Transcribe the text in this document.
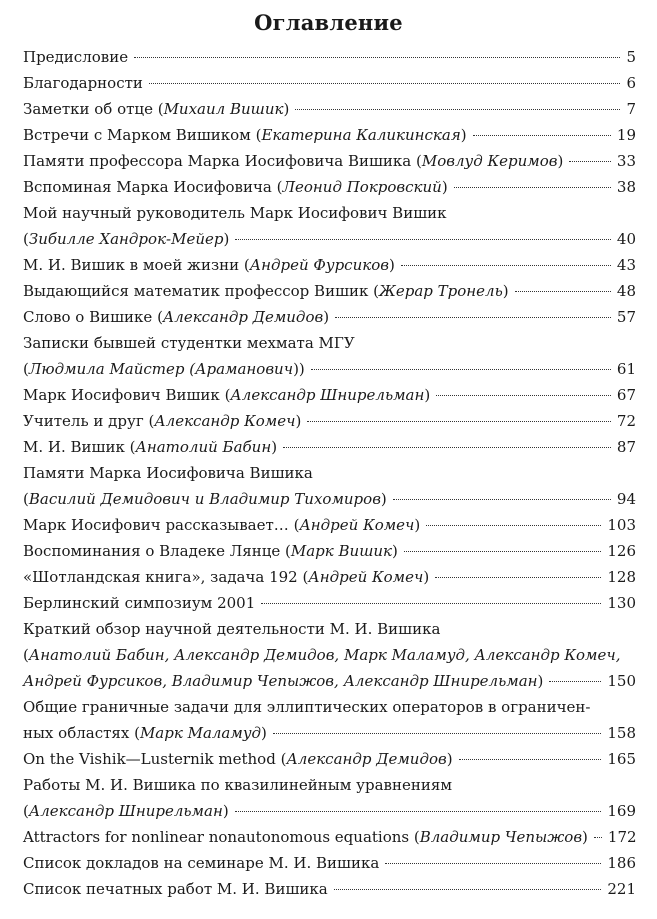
Оглавление
Предисловие	5
Благодарности	6
Заметки об отце (Михаил Вишик)	7
Встречи с Марком Вишиком (Екатерина Каликинская)	19
Памяти профессора Марка Иосифовича Вишика (Мовлуд Керимов)	33
Вспоминая Марка Иосифовича (Леонид Покровский)	38
Мой научный руководитель Марк Иосифович Вишик
(Зибилле Хандрок-Мейер)	40
М. И. Вишик в моей жизни (Андрей Фурсиков)	43
Выдающийся математик профессор Вишик (Жерар Тронель)	48
Слово о Вишике (Александр Демидов)	57
Записки бывшей студентки мехмата МГУ
(Людмила Майстер (Араманович))	61
Марк Иосифович Вишик (Александр Шнирельман)	67
Учитель и друг (Александр Комеч)	72
М. И. Вишик (Анатолий Бабин)	87
Памяти Марка Иосифовича Вишика
(Василий Демидович и Владимир Тихомиров)	94
Марк Иосифович рассказывает… (Андрей Комеч)	103
Воспоминания о Владеке Лянце (Марк Вишик)	126
«Шотландская книга», задача 192 (Андрей Комеч)	128
Берлинский симпозиум 2001	130
Краткий обзор научной деятельности М. И. Вишика
(Анатолий Бабин, Александр Демидов, Марк Маламуд, Александр Комеч,
Андрей Фурсиков, Владимир Чепыжов, Александр Шнирельман)	150
Общие граничные задачи для эллиптических операторов в ограничен-
ных областях (Марк Маламуд)	158
On the Vishik—Lusternik method (Александр Демидов)	165
Работы М. И. Вишика по квазилинейным уравнениям
(Александр Шнирельман)	169
Attractors for nonlinear nonautonomous equations (Владимир Чепыжов) 172
Список докладов на семинаре М. И. Вишика	186
Список печатных работ М. И. Вишика	221
